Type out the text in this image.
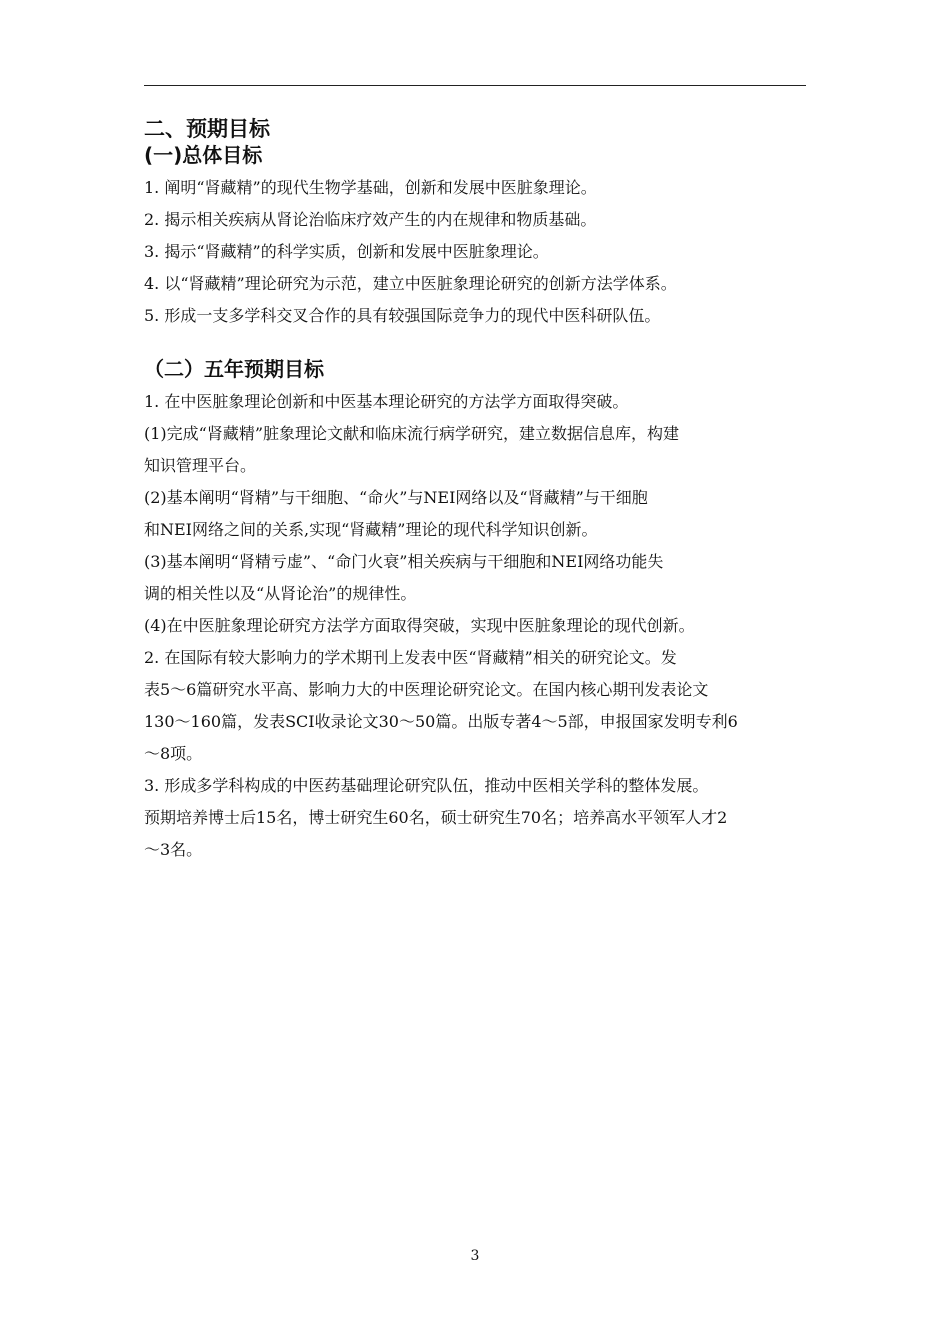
二、预期目标
(一)总体目标

1. 阐明“肾藏精”的现代生物学基础，创新和发展中医脏象理论。

2. 揭示相关疾病从肾论治临床疗效产生的内在规律和物质基础。

3. 揭示“肾藏精”的科学实质，创新和发展中医脏象理论。

4. 以“肾藏精”理论研究为示范，建立中医脏象理论研究的创新方法学体系。

5. 形成一支多学科交叉合作的具有较强国际竞争力的现代中医科研队伍。

（二）五年预期目标

1. 在中医脏象理论创新和中医基本理论研究的方法学方面取得突破。

(1)完成“肾藏精”脏象理论文献和临床流行病学研究，建立数据信息库，构建

知识管理平台。

(2)基本阐明“肾精”与干细胞、“命火”与NEI网络以及“肾藏精”与干细胞

和NEI网络之间的关系,实现“肾藏精”理论的现代科学知识创新。

(3)基本阐明“肾精亏虚”、“命门火衰”相关疾病与干细胞和NEI网络功能失

调的相关性以及“从肾论治”的规律性。

(4)在中医脏象理论研究方法学方面取得突破，实现中医脏象理论的现代创新。

2. 在国际有较大影响力的学术期刊上发表中医“肾藏精”相关的研究论文。发

表5～6篇研究水平高、影响力大的中医理论研究论文。在国内核心期刊发表论文

130～160篇，发表SCI收录论文30～50篇。出版专著4～5部，申报国家发明专利6

～8项。

3. 形成多学科构成的中医药基础理论研究队伍，推动中医相关学科的整体发展。

预期培养博士后15名，博士研究生60名，硕士研究生70名；培养高水平领军人才2

～3名。

3
